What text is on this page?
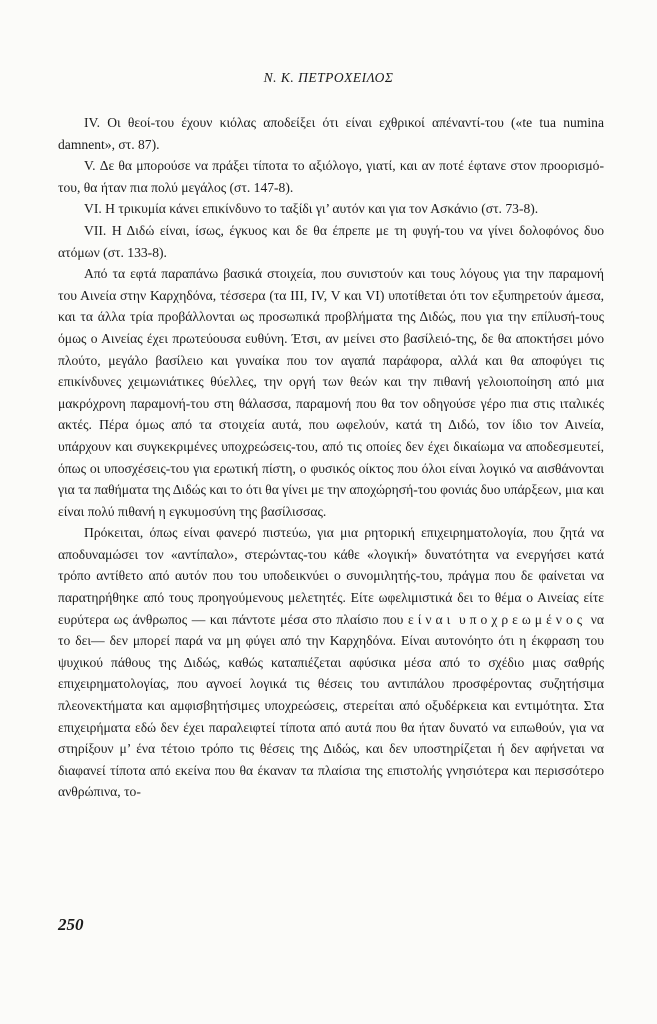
Ν. Κ. ΠΕΤΡΟΧΕΙΛΟΣ

IV. Οι θεοί-του έχουν κιόλας αποδείξει ότι είναι εχθρικοί απέναντί-του («te tua numina damnent», στ. 87).

V. Δε θα μπορούσε να πράξει τίποτα το αξιόλογο, γιατί, και αν ποτέ έφτανε στον προορισμό-του, θα ήταν πια πολύ μεγάλος (στ. 147-8).

VI. Η τρικυμία κάνει επικίνδυνο το ταξίδι γι’ αυτόν και για τον Ασκάνιο (στ. 73-8).

VII. Η Διδώ είναι, ίσως, έγκυος και δε θα έπρεπε με τη φυγή-του να γίνει δολοφόνος δυο ατόμων (στ. 133-8).

Από τα εφτά παραπάνω βασικά στοιχεία, που συνιστούν και τους λόγους για την παραμονή του Αινεία στην Καρχηδόνα, τέσσερα (τα III, IV, V και VI) υποτίθεται ότι τον εξυπηρετούν άμεσα, και τα άλλα τρία προβάλλονται ως προσωπικά προβλήματα της Διδώς, που για την επίλυσή-τους όμως ο Αινείας έχει πρωτεύουσα ευθύνη. Έτσι, αν μείνει στο βασίλειό-της, δε θα αποκτήσει μόνο πλούτο, μεγάλο βασίλειο και γυναίκα που τον αγαπά παράφορα, αλλά και θα αποφύγει τις επικίνδυνες χειμωνιάτικες θύελλες, την οργή των θεών και την πιθανή γελοιοποίηση από μια μακρόχρονη παραμονή-του στη θάλασσα, παραμονή που θα τον οδηγούσε γέρο πια στις ιταλικές ακτές. Πέρα όμως από τα στοιχεία αυτά, που ωφελούν, κατά τη Διδώ, τον ίδιο τον Αινεία, υπάρχουν και συγκεκριμένες υποχρεώσεις-του, από τις οποίες δεν έχει δικαίωμα να αποδεσμευτεί, όπως οι υποσχέσεις-του για ερωτική πίστη, ο φυσικός οίκτος που όλοι είναι λογικό να αισθάνονται για τα παθήματα της Διδώς και το ότι θα γίνει με την αποχώρησή-του φονιάς δυο υπάρξεων, μια και είναι πολύ πιθανή η εγκυμοσύνη της βασίλισσας.

Πρόκειται, όπως είναι φανερό πιστεύω, για μια ρητορική επιχειρηματολογία, που ζητά να αποδυναμώσει τον «αντίπαλο», στερώντας-του κάθε «λογική» δυνατότητα να ενεργήσει κατά τρόπο αντίθετο από αυτόν που του υποδεικνύει ο συνομιλητής-του, πράγμα που δε φαίνεται να παρατηρήθηκε από τους προηγούμενους μελετητές. Είτε ωφελιμιστικά δει το θέμα ο Αινείας είτε ευρύτερα ως άνθρωπος — και πάντοτε μέσα στο πλαίσιο που είναι υποχρεωμένος να το δει— δεν μπορεί παρά να μη φύγει από την Καρχηδόνα. Είναι αυτονόητο ότι η έκφραση του ψυχικού πάθους της Διδώς, καθώς καταπιέζεται αφύσικα μέσα από το σχέδιο μιας σαθρής επιχειρηματολογίας, που αγνοεί λογικά τις θέσεις του αντιπάλου προσφέροντας συζητήσιμα πλεονεκτήματα και αμφισβητήσιμες υποχρεώσεις, στερείται από οξυδέρκεια και εντιμότητα. Στα επιχειρήματα εδώ δεν έχει παραλειφτεί τίποτα από αυτά που θα ήταν δυνατό να ειπωθούν, για να στηρίξουν μ’ ένα τέτοιο τρόπο τις θέσεις της Διδώς, και δεν υποστηρίζεται ή δεν αφήνεται να διαφανεί τίποτα από εκείνα που θα έκαναν τα πλαίσια της επιστολής γνησιότερα και περισσότερο ανθρώπινα, το-

250
